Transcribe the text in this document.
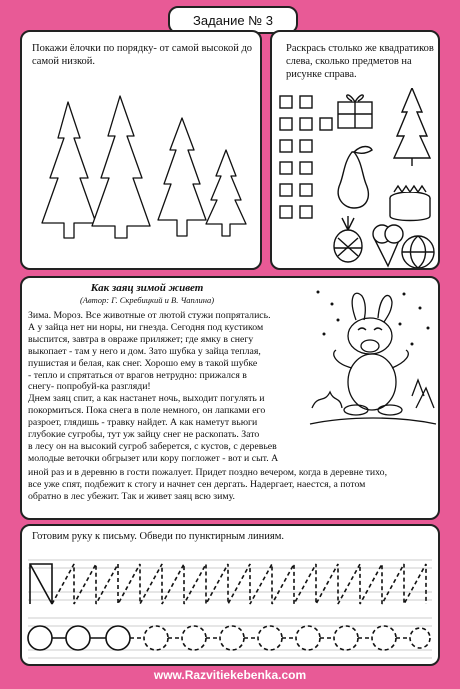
Задание № 3
Покажи ёлочки по порядку- от самой высокой до самой низкой.
Раскрась столько же квадратиков слева, сколько предметов на рисунке справа.
Как заяц зимой живет
(Автор: Г. Скребицкий и В. Чаплина)
Зима. Мороз. Все животные от лютой стужи попрятались.
А у зайца нет ни норы, ни гнезда. Сегодня под кустиком
выспится, завтра в овраже приляжет; где ямку в снегу
выкопает - там у него и дом. Зато шубка у зайца теплая,
пушистая и белая, как снег. Хорошо ему в такой шубке
- тепло и спрятаться от врагов нетрудно: прижался в
снегу- попробуй-ка разгляди!
Днем заяц спит, а как настанет ночь, выходит погулять и
покормиться. Пока снега в поле немного, он лапками его
разроет, глядишь - травку найдет. А как наметут вьюги
глубокие сугробы, тут уж зайцу снег не раскопать. Зато
в лесу он на высокий сугроб заберется, с кустов, с деревьев
молодые веточки обгрызет или кору погложет - вот и сыт. А
иной раз и в деревню в гости пожалует. Придет поздно вечером, когда в деревне тихо,
все уже спят, подбежит к стогу и начнет сен дергать. Надергает, наестся, а потом
обратно в лес убежит. Так и живет заяц всю зиму.
Готовим руку к письму. Обведи по пунктирным линиям.
www.Razvitiekebenka.com
